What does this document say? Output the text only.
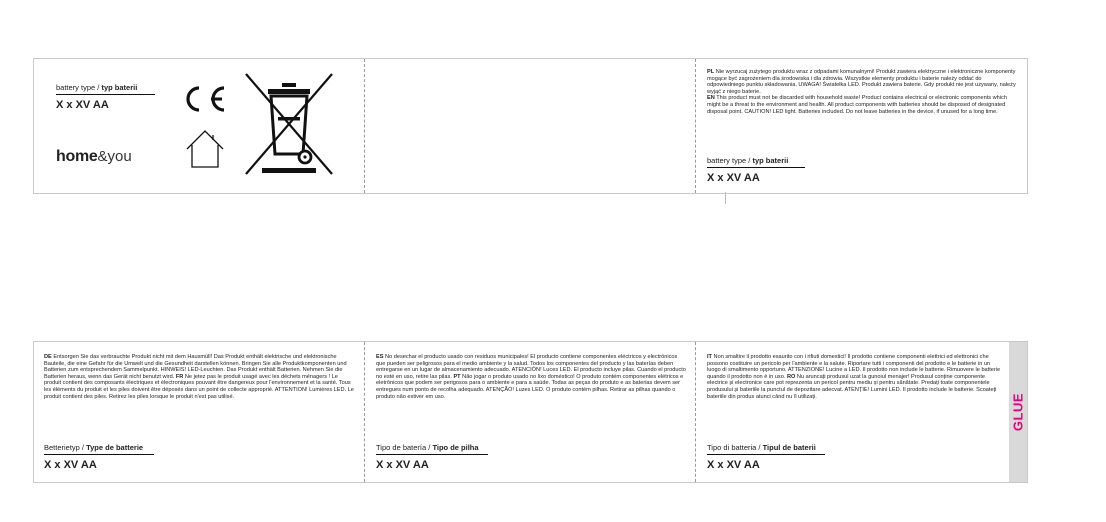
battery type / typ baterii
X x XV AA
home&you
PL Nie wyrzucaj zużytego produktu wraz z odpadami komunalnymi! Produkt zawiera elektryczne i elektroniczne komponenty mogące być zagrożeniem dla środowiska i dla zdrowia. Wszystkie elementy produktu i baterie należy oddać do odpowiedniego punktu składowania. UWAGA! Światełka LED. Produkt zawiera baterie. Gdy produkt nie jest używany, należy wyjąć z niego baterie.
EN This product must not be discarded with household waste! Product contains electrical or electronic components which might be a threat to the environment and health. All product components with batteries should be disposed of designated disposal point. CAUTION! LED light. Batteries included. Do not leave batteries in the device, if unused for a long time.
battery type / typ baterii
X x XV AA
DE Entsorgen Sie das verbrauchte Produkt nicht mit dem Hausmüll! Das Produkt enthält elektrische und elektronische Bauteile, die eine Gefahr für die Umwelt und die Gesundheit darstellen können. Bringen Sie alle Produktkomponenten und Batterien zum entsprechendem Sammelpunkt. HINWEIS! LED-Leuchten. Das Produkt enthält Batterien. Nehmen Sie die Batterien heraus, wenn das Gerät nicht benutzt wird. FR Ne jetez pas le produit usagé avec les déchets ménagers ! Le produit contient des composants électriques et électroniques pouvant être dangereux pour l'environnement et la santé. Tous les éléments du produit et les piles doivent être déposés dans un point de collecte approprié. ATTENTION! Lumières LED. Le produit contient des piles. Retirez les piles lorsque le produit n'est pas utilisé.
Betterietyp / Type de batterie
X x XV AA
ES No desechar el producto usado con residuos municipales! El producto contiene componentes eléctricos y electrónicos que pueden ser peligrosos para el medio ambiente y la salud. Todos los componentes del producto y las baterías deben entregarse en un lugar de almacenamiento adecuado. ATENCIÓN! Luces LED. El producto incluye pilas. Cuando el producto no esté en uso, retire las pilas. PT Não jogar o produto usado no lixo doméstico! O produto contém componentes elétricos e eletrônicos que podem ser perigosos para o ambiente e para a saúde. Todas as peças do produto e as baterias devem ser entregues num ponto de recolha adequado. ATENÇÃO! Luzes LED. O produto contém pilhas. Retirar as pilhas quando o produto não estiver em uso.
Tipo de batería / Tipo de pilha
X x XV AA
IT Non smaltire il prodotto esaurito con i rifiuti domestici! Il prodotto contiene componenti elettrici ed elettronici che possono costituire un pericolo per l'ambiente e la salute. Riportare tutti i componenti del prodotto e le batterie in un luogo di smaltimento opportuno. ATTENZIONE! Lucine a LED. Il prodotto non include le batterie. Rimuovere le batterie quando il prodotto non è in uso. RO Nu aruncați produsul uzat la gunoiul menajer! Produsul conține componente electrice și electronice care pot reprezenta un pericol pentru mediu și pentru sănătate. Predați toate componentele produsului și bateriile la punctul de depozitare adecvat. ATENȚIE! Lumini LED. Il prodotto include le batterie. Scoateți bateriile din produs atunci când nu îl utilizați.
Tipo di batteria / Tipul de baterii
X x XV AA
GLUE
